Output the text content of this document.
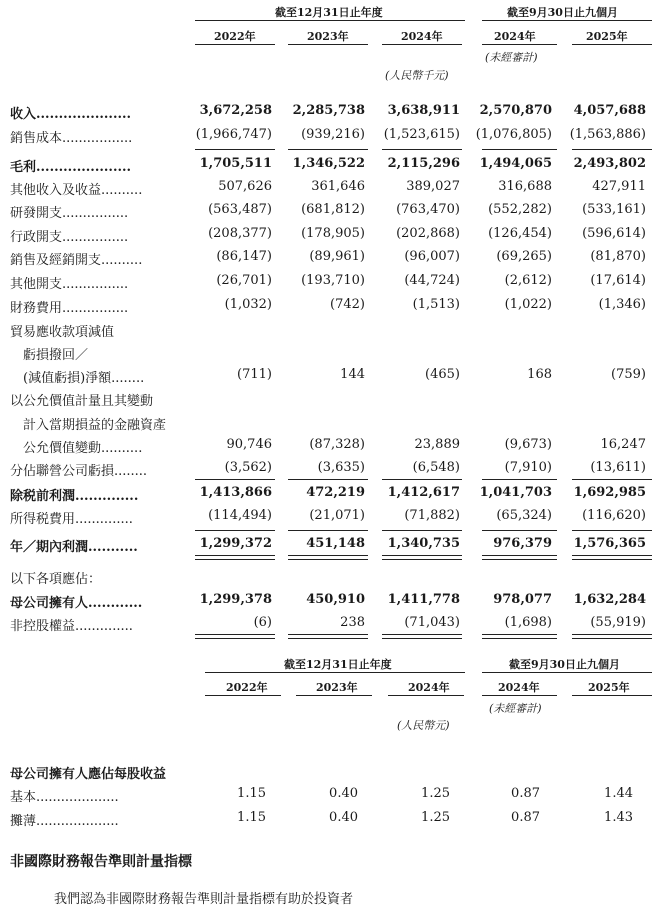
截至12月31日止年度	截至9月30日止九個月
2022年	2023年	2024年	2024年	2025年
(未經審計)
(人民幣千元)
收入.....................	3,672,258	2,285,738	3,638,911	2,570,870	4,057,688
銷售成本.................	(1,966,747)	(939,216)	(1,523,615)	(1,076,805)	(1,563,886)
毛利.....................	1,705,511	1,346,522	2,115,296	1,494,065	2,493,802
其他收入及收益..........	507,626	361,646	389,027	316,688	427,911
研發開支................	(563,487)	(681,812)	(763,470)	(552,282)	(533,161)
行政開支................	(208,377)	(178,905)	(202,868)	(126,454)	(596,614)
銷售及經銷開支..........	(86,147)	(89,961)	(96,007)	(69,265)	(81,870)
其他開支................	(26,701)	(193,710)	(44,724)	(2,612)	(17,614)
財務費用................	(1,032)	(742)	(1,513)	(1,022)	(1,346)
貿易應收款項減值
　虧損撥回／
　(減值虧損)淨額........	(711)	144	(465)	168	(759)
以公允價值計量且其變動
　計入當期損益的金融資產
　公允價值變動..........	90,746	(87,328)	23,889	(9,673)	16,247
分佔聯營公司虧損........	(3,562)	(3,635)	(6,548)	(7,910)	(13,611)
除税前利潤..............	1,413,866	472,219	1,412,617	1,041,703	1,692,985
所得税費用..............	(114,494)	(21,071)	(71,882)	(65,324)	(116,620)
年／期內利潤...........	1,299,372	451,148	1,340,735	976,379	1,576,365
以下各項應佔：
母公司擁有人............	1,299,378	450,910	1,411,778	978,077	1,632,284
非控股權益..............	(6)	238	(71,043)	(1,698)	(55,919)
截至12月31日止年度	截至9月30日止九個月
2022年	2023年	2024年	2024年	2025年
(未經審計)
(人民幣元)
母公司擁有人應佔每股收益
基本....................	1.15	0.40	1.25	0.87	1.44
攤薄....................	1.15	0.40	1.25	0.87	1.43
非國際財務報告準則計量指標
我們認為非國際財務報告準則計量指標有助於投資者
